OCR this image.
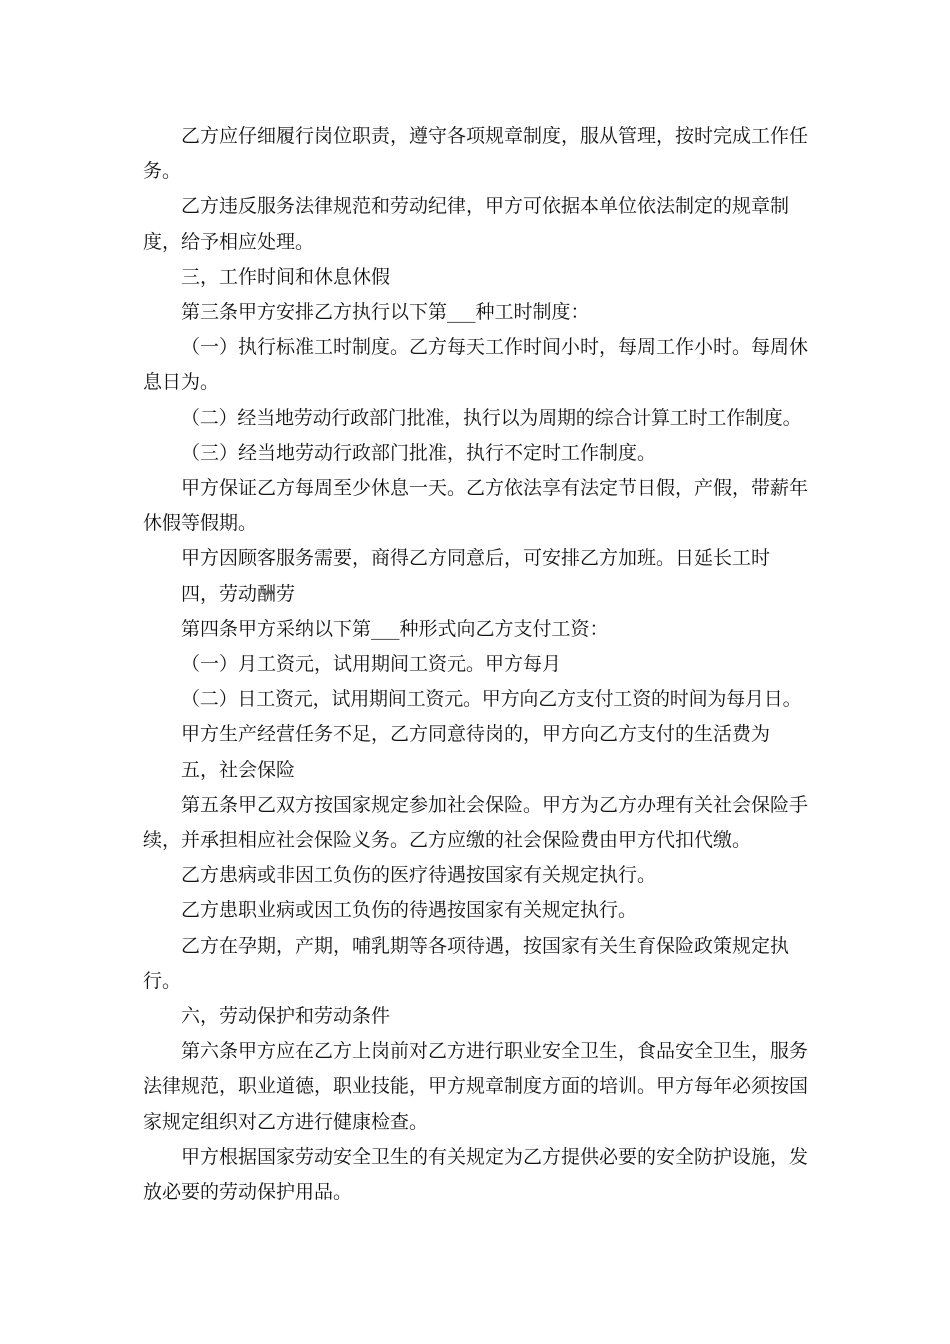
乙方应仔细履行岗位职责，遵守各项规章制度，服从管理，按时完成工作任务。

乙方违反服务法律规范和劳动纪律，甲方可依据本单位依法制定的规章制度，给予相应处理。

三，工作时间和休息休假

第三条甲方安排乙方执行以下第___种工时制度：

（一）执行标准工时制度。乙方每天工作时间小时，每周工作小时。每周休息日为。

（二）经当地劳动行政部门批准，执行以为周期的综合计算工时工作制度。

（三）经当地劳动行政部门批准，执行不定时工作制度。

甲方保证乙方每周至少休息一天。乙方依法享有法定节日假，产假，带薪年休假等假期。

甲方因顾客服务需要，商得乙方同意后，可安排乙方加班。日延长工时

四，劳动酬劳

第四条甲方采纳以下第___种形式向乙方支付工资：

（一）月工资元，试用期间工资元。甲方每月

（二）日工资元，试用期间工资元。甲方向乙方支付工资的时间为每月日。

甲方生产经营任务不足，乙方同意待岗的，甲方向乙方支付的生活费为

五，社会保险

第五条甲乙双方按国家规定参加社会保险。甲方为乙方办理有关社会保险手续，并承担相应社会保险义务。乙方应缴的社会保险费由甲方代扣代缴。

乙方患病或非因工负伤的医疗待遇按国家有关规定执行。

乙方患职业病或因工负伤的待遇按国家有关规定执行。

乙方在孕期，产期，哺乳期等各项待遇，按国家有关生育保险政策规定执行。

六，劳动保护和劳动条件

第六条甲方应在乙方上岗前对乙方进行职业安全卫生，食品安全卫生，服务法律规范，职业道德，职业技能，甲方规章制度方面的培训。甲方每年必须按国家规定组织对乙方进行健康检查。

甲方根据国家劳动安全卫生的有关规定为乙方提供必要的安全防护设施，发放必要的劳动保护用品。
